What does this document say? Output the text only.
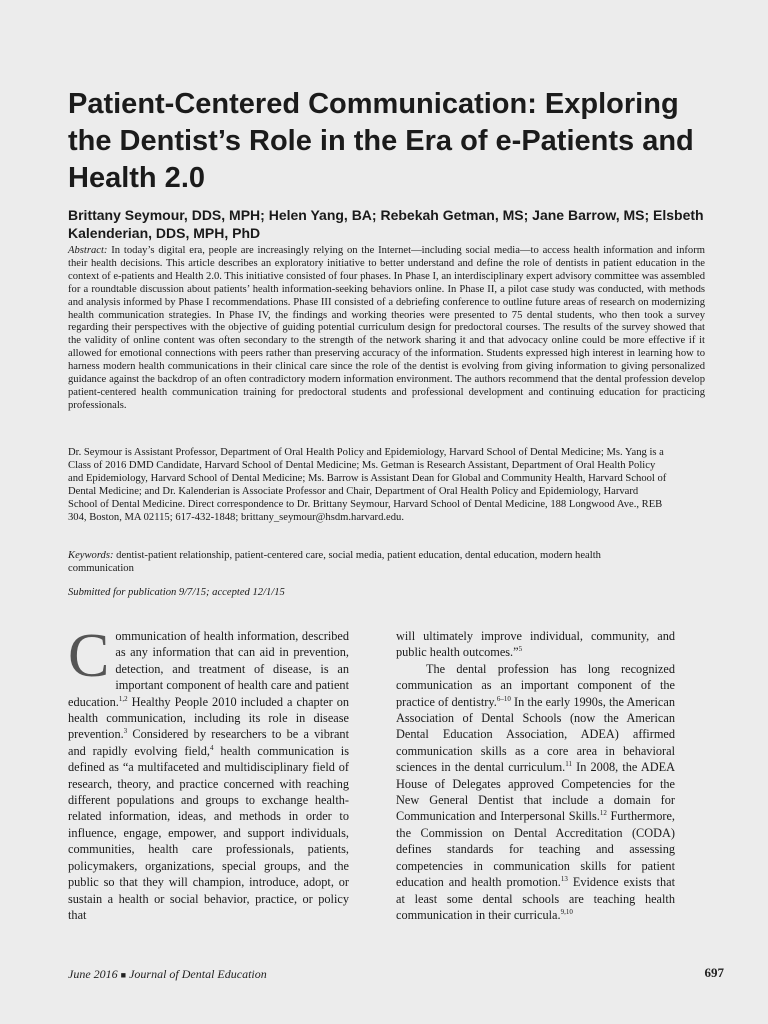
Patient-Centered Communication: Exploring the Dentist’s Role in the Era of e-Patients and Health 2.0

Brittany Seymour, DDS, MPH; Helen Yang, BA; Rebekah Getman, MS; Jane Barrow, MS; Elsbeth Kalenderian, DDS, MPH, PhD

Abstract: In today’s digital era, people are increasingly relying on the Internet—including social media—to access health information and inform their health decisions. This article describes an exploratory initiative to better understand and define the role of dentists in patient education in the context of e-patients and Health 2.0. This initiative consisted of four phases. In Phase I, an interdisciplinary expert advisory committee was assembled for a roundtable discussion about patients’ health information-seeking behaviors online. In Phase II, a pilot case study was conducted, with methods and analysis informed by Phase I recommendations. Phase III consisted of a debriefing conference to outline future areas of research on modernizing health communication strategies. In Phase IV, the findings and working theories were presented to 75 dental students, who then took a survey regarding their perspectives with the objective of guiding potential curriculum design for predoctoral courses. The results of the survey showed that the validity of online content was often secondary to the strength of the network sharing it and that advocacy online could be more effective if it allowed for emotional connections with peers rather than preserving accuracy of the information. Students expressed high interest in learning how to harness modern health communications in their clinical care since the role of the dentist is evolving from giving information to giving personalized guidance against the backdrop of an often contradictory modern information environment. The authors recommend that the dental profession develop patient-centered health communication training for predoctoral students and professional development and continuing education for practicing professionals.

Dr. Seymour is Assistant Professor, Department of Oral Health Policy and Epidemiology, Harvard School of Dental Medicine; Ms. Yang is a Class of 2016 DMD Candidate, Harvard School of Dental Medicine; Ms. Getman is Research Assistant, Department of Oral Health Policy and Epidemiology, Harvard School of Dental Medicine; Ms. Barrow is Assistant Dean for Global and Community Health, Harvard School of Dental Medicine; and Dr. Kalenderian is Associate Professor and Chair, Department of Oral Health Policy and Epidemiology, Harvard School of Dental Medicine. Direct correspondence to Dr. Brittany Seymour, Harvard School of Dental Medicine, 188 Longwood Ave., REB 304, Boston, MA 02115; 617-432-1848; brittany_seymour@hsdm.harvard.edu.

Keywords: dentist-patient relationship, patient-centered care, social media, patient education, dental education, modern health communication

Submitted for publication 9/7/15; accepted 12/1/15

Communication of health information, described as any information that can aid in prevention, detection, and treatment of disease, is an important component of health care and patient education.$^{1,2}$ Healthy People 2010 included a chapter on health communication, including its role in disease prevention.$^3$ Considered by researchers to be a vibrant and rapidly evolving field,$^4$ health communication is defined as “a multifaceted and multidisciplinary field of research, theory, and practice concerned with reaching different populations and groups to exchange health-related information, ideas, and methods in order to influence, engage, empower, and support individuals, communities, health care professionals, patients, policymakers, organizations, special groups, and the public so that they will champion, introduce, adopt, or sustain a health or social behavior, practice, or policy that

will ultimately improve individual, community, and public health outcomes.”$^5$

The dental profession has long recognized communication as an important component of the practice of dentistry.$^{6-10}$ In the early 1990s, the American Association of Dental Schools (now the American Dental Education Association, ADEA) affirmed communication skills as a core area in behavioral sciences in the dental curriculum.$^{11}$ In 2008, the ADEA House of Delegates approved Competencies for the New General Dentist that include a domain for Communication and Interpersonal Skills.$^{12}$ Furthermore, the Commission on Dental Accreditation (CODA) defines standards for teaching and assessing competencies in communication skills for patient education and health promotion.$^{13}$ Evidence exists that at least some dental schools are teaching health communication in their curricula.$^{9,10}$

June 2016 ■ Journal of Dental Education	697
